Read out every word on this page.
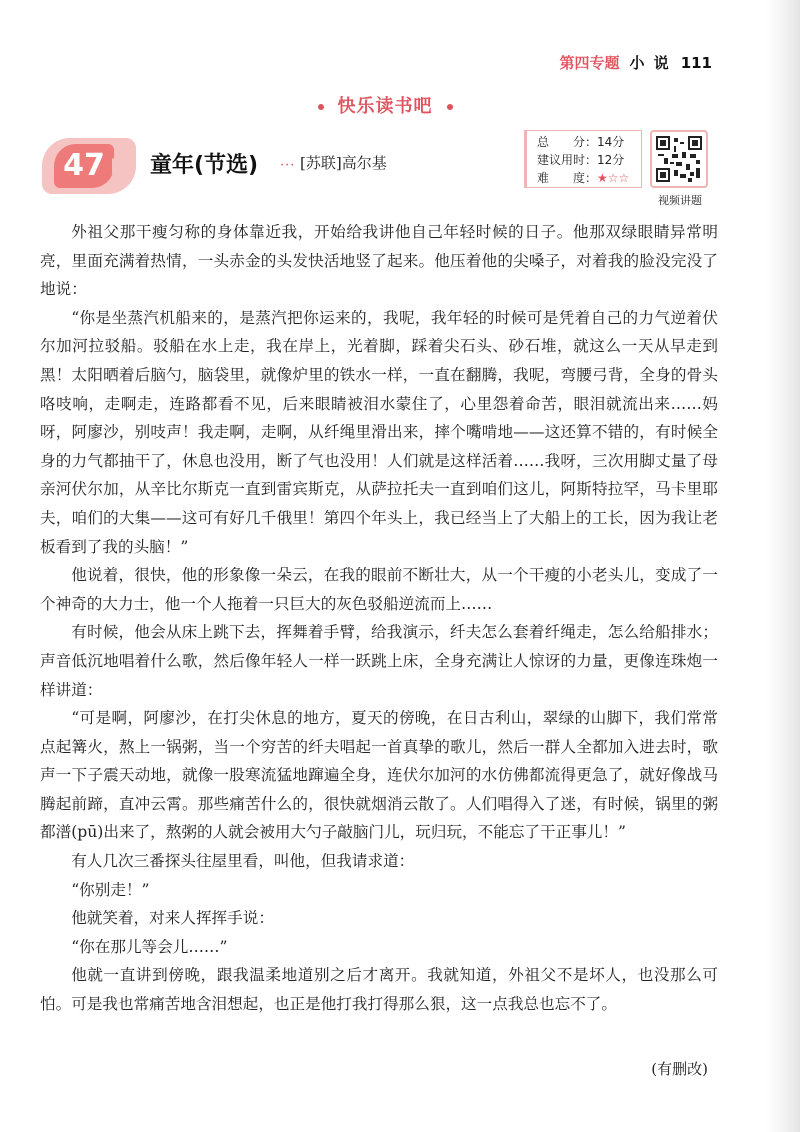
第四专题 小 说 111
快乐读书吧
47	童年(节选) ··· [苏联]高尔基
总　　分：14分
建议用时：12分
难　　度：★☆☆
视频讲题

外祖父那干瘦匀称的身体靠近我，开始给我讲他自己年轻时候的日子。他那双绿眼睛异常明亮，里面充满着热情，一头赤金的头发快活地竖了起来。他压着他的尖嗓子，对着我的脸没完没了地说：

“你是坐蒸汽机船来的，是蒸汽把你运来的，我呢，我年轻的时候可是凭着自己的力气逆着伏尔加河拉驳船。驳船在水上走，我在岸上，光着脚，踩着尖石头、砂石堆，就这么一天从早走到黑！太阳晒着后脑勺，脑袋里，就像炉里的铁水一样，一直在翻腾，我呢，弯腰弓背，全身的骨头咯吱响，走啊走，连路都看不见，后来眼睛被泪水蒙住了，心里怨着命苦，眼泪就流出来……妈呀，阿廖沙，别吱声！我走啊，走啊，从纤绳里滑出来，摔个嘴啃地——这还算不错的，有时候全身的力气都抽干了，休息也没用，断了气也没用！人们就是这样活着……我呀，三次用脚丈量了母亲河伏尔加，从辛比尔斯克一直到雷宾斯克，从萨拉托夫一直到咱们这儿，阿斯特拉罕，马卡里耶夫，咱们的大集——这可有好几千俄里！第四个年头上，我已经当上了大船上的工长，因为我让老板看到了我的头脑！”

他说着，很快，他的形象像一朵云，在我的眼前不断壮大，从一个干瘦的小老头儿，变成了一个神奇的大力士，他一个人拖着一只巨大的灰色驳船逆流而上……

有时候，他会从床上跳下去，挥舞着手臂，给我演示，纤夫怎么套着纤绳走，怎么给船排水；声音低沉地唱着什么歌，然后像年轻人一样一跃跳上床，全身充满让人惊讶的力量，更像连珠炮一样讲道：

“可是啊，阿廖沙，在打尖休息的地方，夏天的傍晚，在日古利山，翠绿的山脚下，我们常常点起篝火，熬上一锅粥，当一个穷苦的纤夫唱起一首真挚的歌儿，然后一群人全都加入进去时，歌声一下子震天动地，就像一股寒流猛地蹿遍全身，连伏尔加河的水仿佛都流得更急了，就好像战马腾起前蹄，直冲云霄。那些痛苦什么的，很快就烟消云散了。人们唱得入了迷，有时候，锅里的粥都潽(pū)出来了，熬粥的人就会被用大勺子敲脑门儿，玩归玩，不能忘了干正事儿！”

有人几次三番探头往屋里看，叫他，但我请求道：

“你别走！”

他就笑着，对来人挥挥手说：

“你在那儿等会儿……”

他就一直讲到傍晚，跟我温柔地道别之后才离开。我就知道，外祖父不是坏人，也没那么可怕。可是我也常痛苦地含泪想起，也正是他打我打得那么狠，这一点我总也忘不了。

(有删改)
